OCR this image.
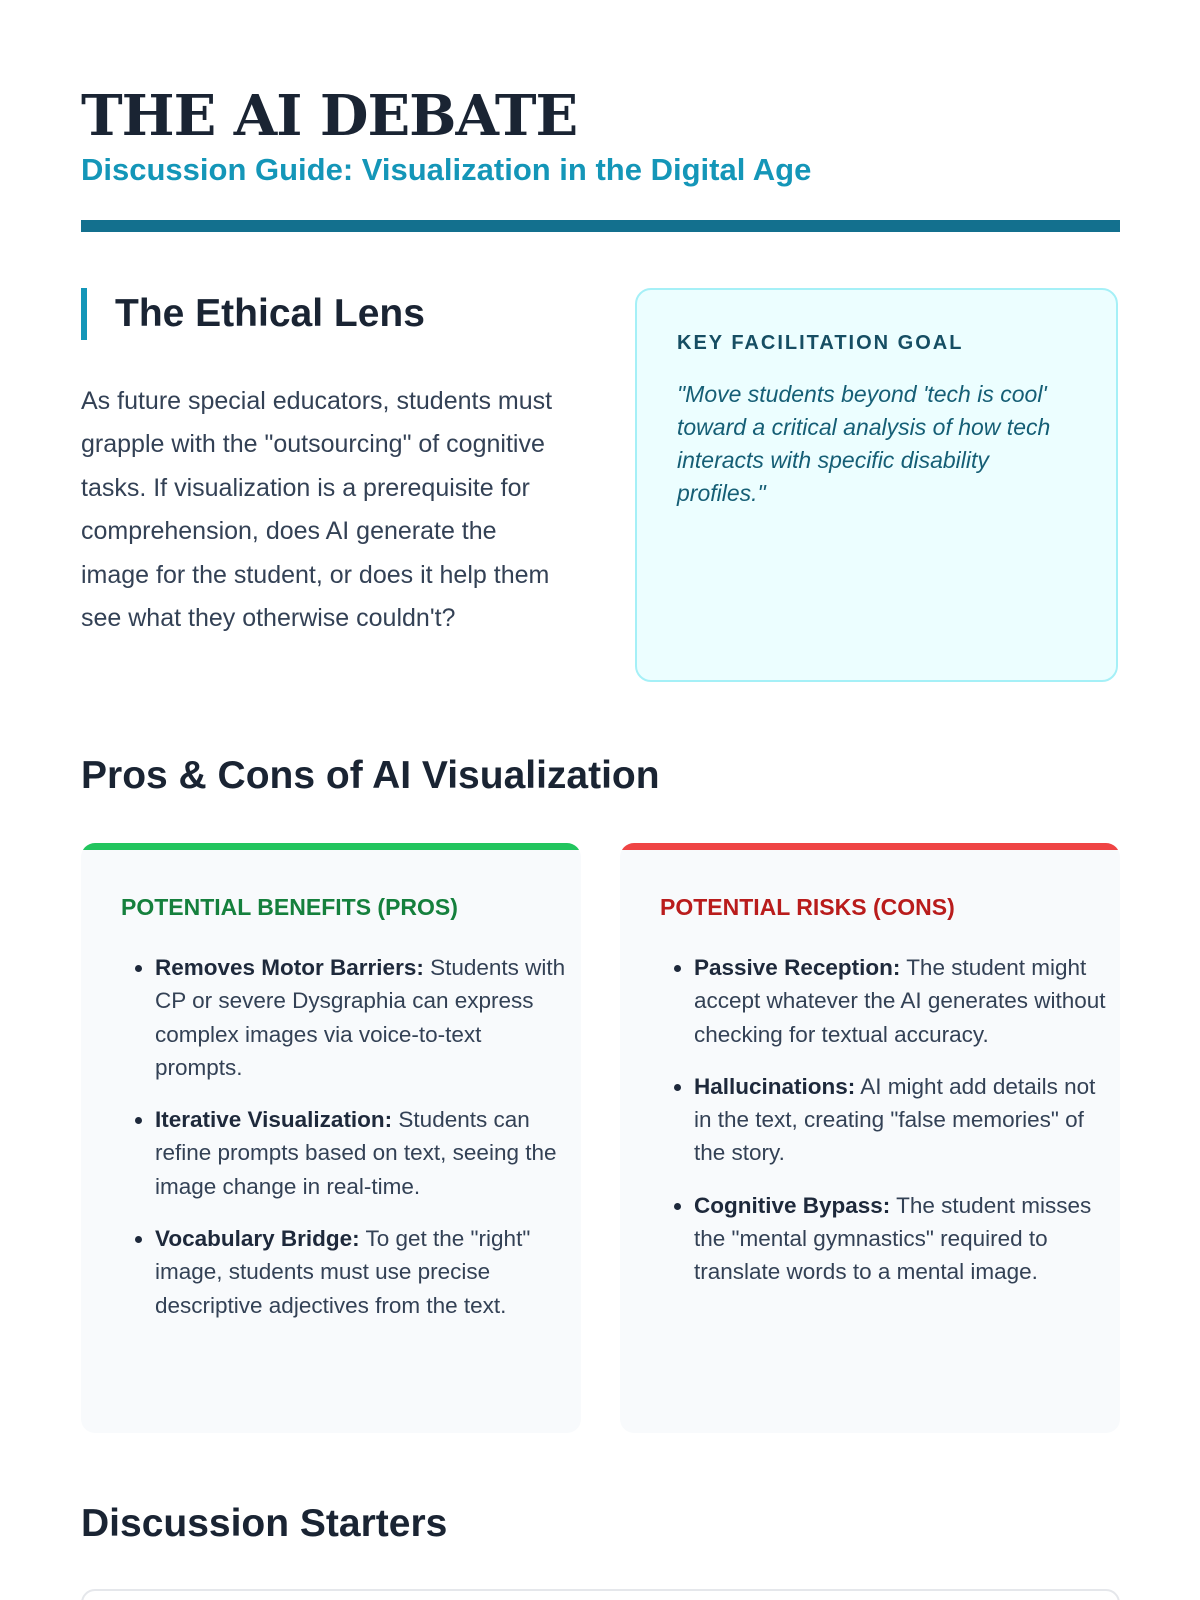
THE AI DEBATE
Discussion Guide: Visualization in the Digital Age
The Ethical Lens

As future special educators, students must grapple with the "outsourcing" of cognitive tasks. If visualization is a prerequisite for comprehension, does AI generate the image for the student, or does it help them see what they otherwise couldn't?

KEY FACILITATION GOAL

"Move students beyond 'tech is cool' toward a critical analysis of how tech interacts with specific disability profiles."

Pros & Cons of AI Visualization
POTENTIAL BENEFITS (PROS)
• Removes Motor Barriers: Students with CP or severe Dysgraphia can express complex images via voice-to-text prompts.
• Iterative Visualization: Students can refine prompts based on text, seeing the image change in real-time.
• Vocabulary Bridge: To get the "right" image, students must use precise descriptive adjectives from the text.
POTENTIAL RISKS (CONS)
• Passive Reception: The student might accept whatever the AI generates without checking for textual accuracy.
• Hallucinations: AI might add details not in the text, creating "false memories" of the story.
• Cognitive Bypass: The student misses the "mental gymnastics" required to translate words to a mental image.
Discussion Starters
